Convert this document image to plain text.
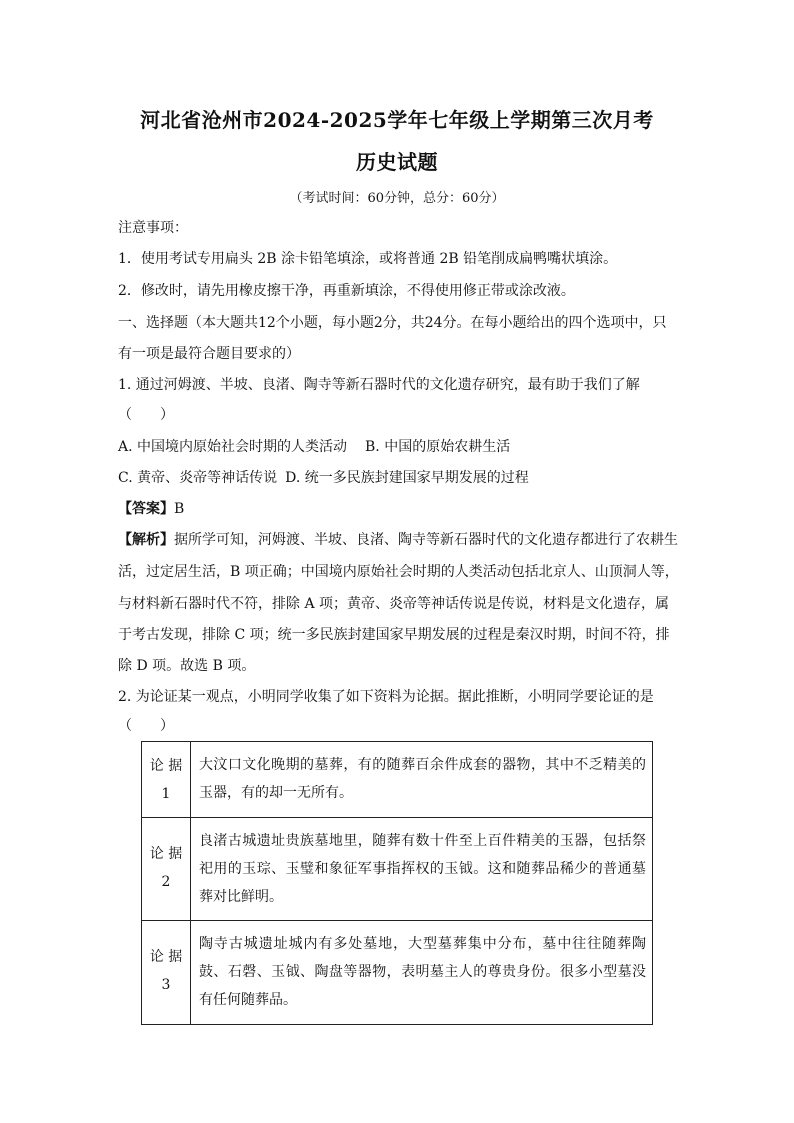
河北省沧州市2024-2025学年七年级上学期第三次月考
历史试题
（考试时间：60分钟，总分：60分）
注意事项：
1．使用考试专用扁头 2B 涂卡铅笔填涂，或将普通 2B 铅笔削成扁鸭嘴状填涂。
2．修改时，请先用橡皮擦干净，再重新填涂，不得使用修正带或涂改液。
一、选择题（本大题共12个小题，每小题2分，共24分。在每小题给出的四个选项中，只
有一项是最符合题目要求的）
1. 通过河姆渡、半坡、良渚、陶寺等新石器时代的文化遗存研究，最有助于我们了解
（　　）
A. 中国境内原始社会时期的人类活动 B. 中国的原始农耕生活
C. 黄帝、炎帝等神话传说 D. 统一多民族封建国家早期发展的过程
【答案】B
【解析】据所学可知，河姆渡、半坡、良渚、陶寺等新石器时代的文化遗存都进行了农耕生
活，过定居生活，B 项正确；中国境内原始社会时期的人类活动包括北京人、山顶洞人等，
与材料新石器时代不符，排除 A 项；黄帝、炎帝等神话传说是传说，材料是文化遗存，属
于考古发现，排除 C 项；统一多民族封建国家早期发展的过程是秦汉时期，时间不符，排
除 D 项。故选 B 项。
2. 为论证某一观点，小明同学收集了如下资料为论据。据此推断，小明同学要论证的是
（　　）
论 据
1	大汶口文化晚期的墓葬，有的随葬百余件成套的器物，其中不乏精美的玉器，有的却一无所有。

论 据
2	良渚古城遗址贵族墓地里，随葬有数十件至上百件精美的玉器，包括祭祀用的玉琮、玉璧和象征军事指挥权的玉钺。这和随葬品稀少的普通墓葬对比鲜明。

论 据
3	陶寺古城遗址城内有多处墓地，大型墓葬集中分布，墓中往往随葬陶鼓、石磬、玉钺、陶盘等器物，表明墓主人的尊贵身份。很多小型墓没有任何随葬品。
